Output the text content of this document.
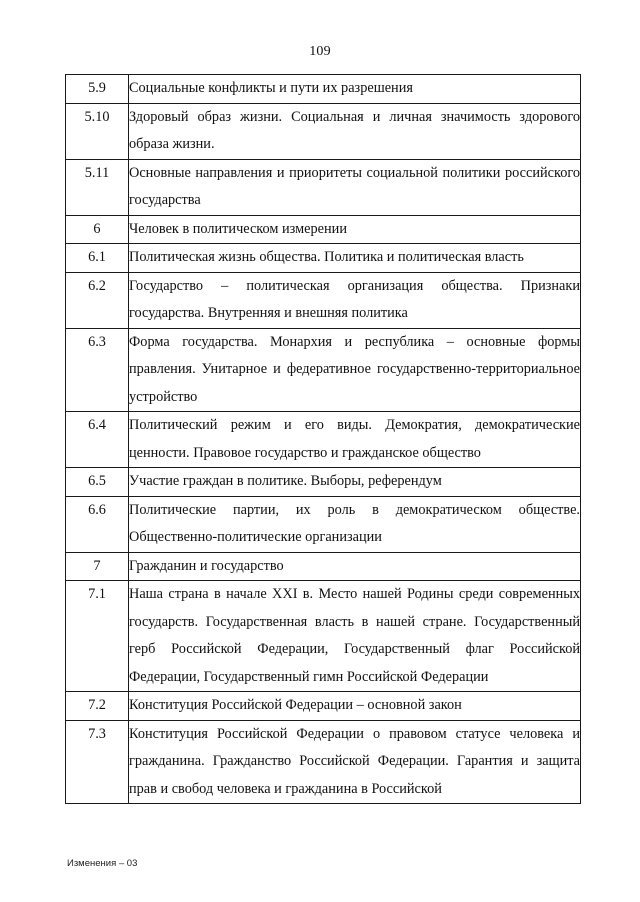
109
5.9	Социальные конфликты и пути их разрешения
5.10	Здоровый образ жизни. Социальная и личная значимость здорового образа жизни.
5.11	Основные направления и приоритеты социальной политики российского государства
6	Человек в политическом измерении
6.1	Политическая жизнь общества. Политика и политическая власть
6.2	Государство – политическая организация общества. Признаки государства. Внутренняя и внешняя политика
6.3	Форма государства. Монархия и республика – основные формы правления. Унитарное и федеративное государственно-территориальное устройство
6.4	Политический режим и его виды. Демократия, демократические ценности. Правовое государство и гражданское общество
6.5	Участие граждан в политике. Выборы, референдум
6.6	Политические партии, их роль в демократическом обществе. Общественно-политические организации
7	Гражданин и государство
7.1	Наша страна в начале XXI в. Место нашей Родины среди современных государств. Государственная власть в нашей стране. Государственный герб Российской Федерации, Государственный флаг Российской Федерации, Государственный гимн Российской Федерации
7.2	Конституция Российской Федерации – основной закон
7.3	Конституция Российской Федерации о правовом статусе человека и гражданина. Гражданство Российской Федерации. Гарантия и защита прав и свобод человека и гражданина в Российской
Изменения – 03
